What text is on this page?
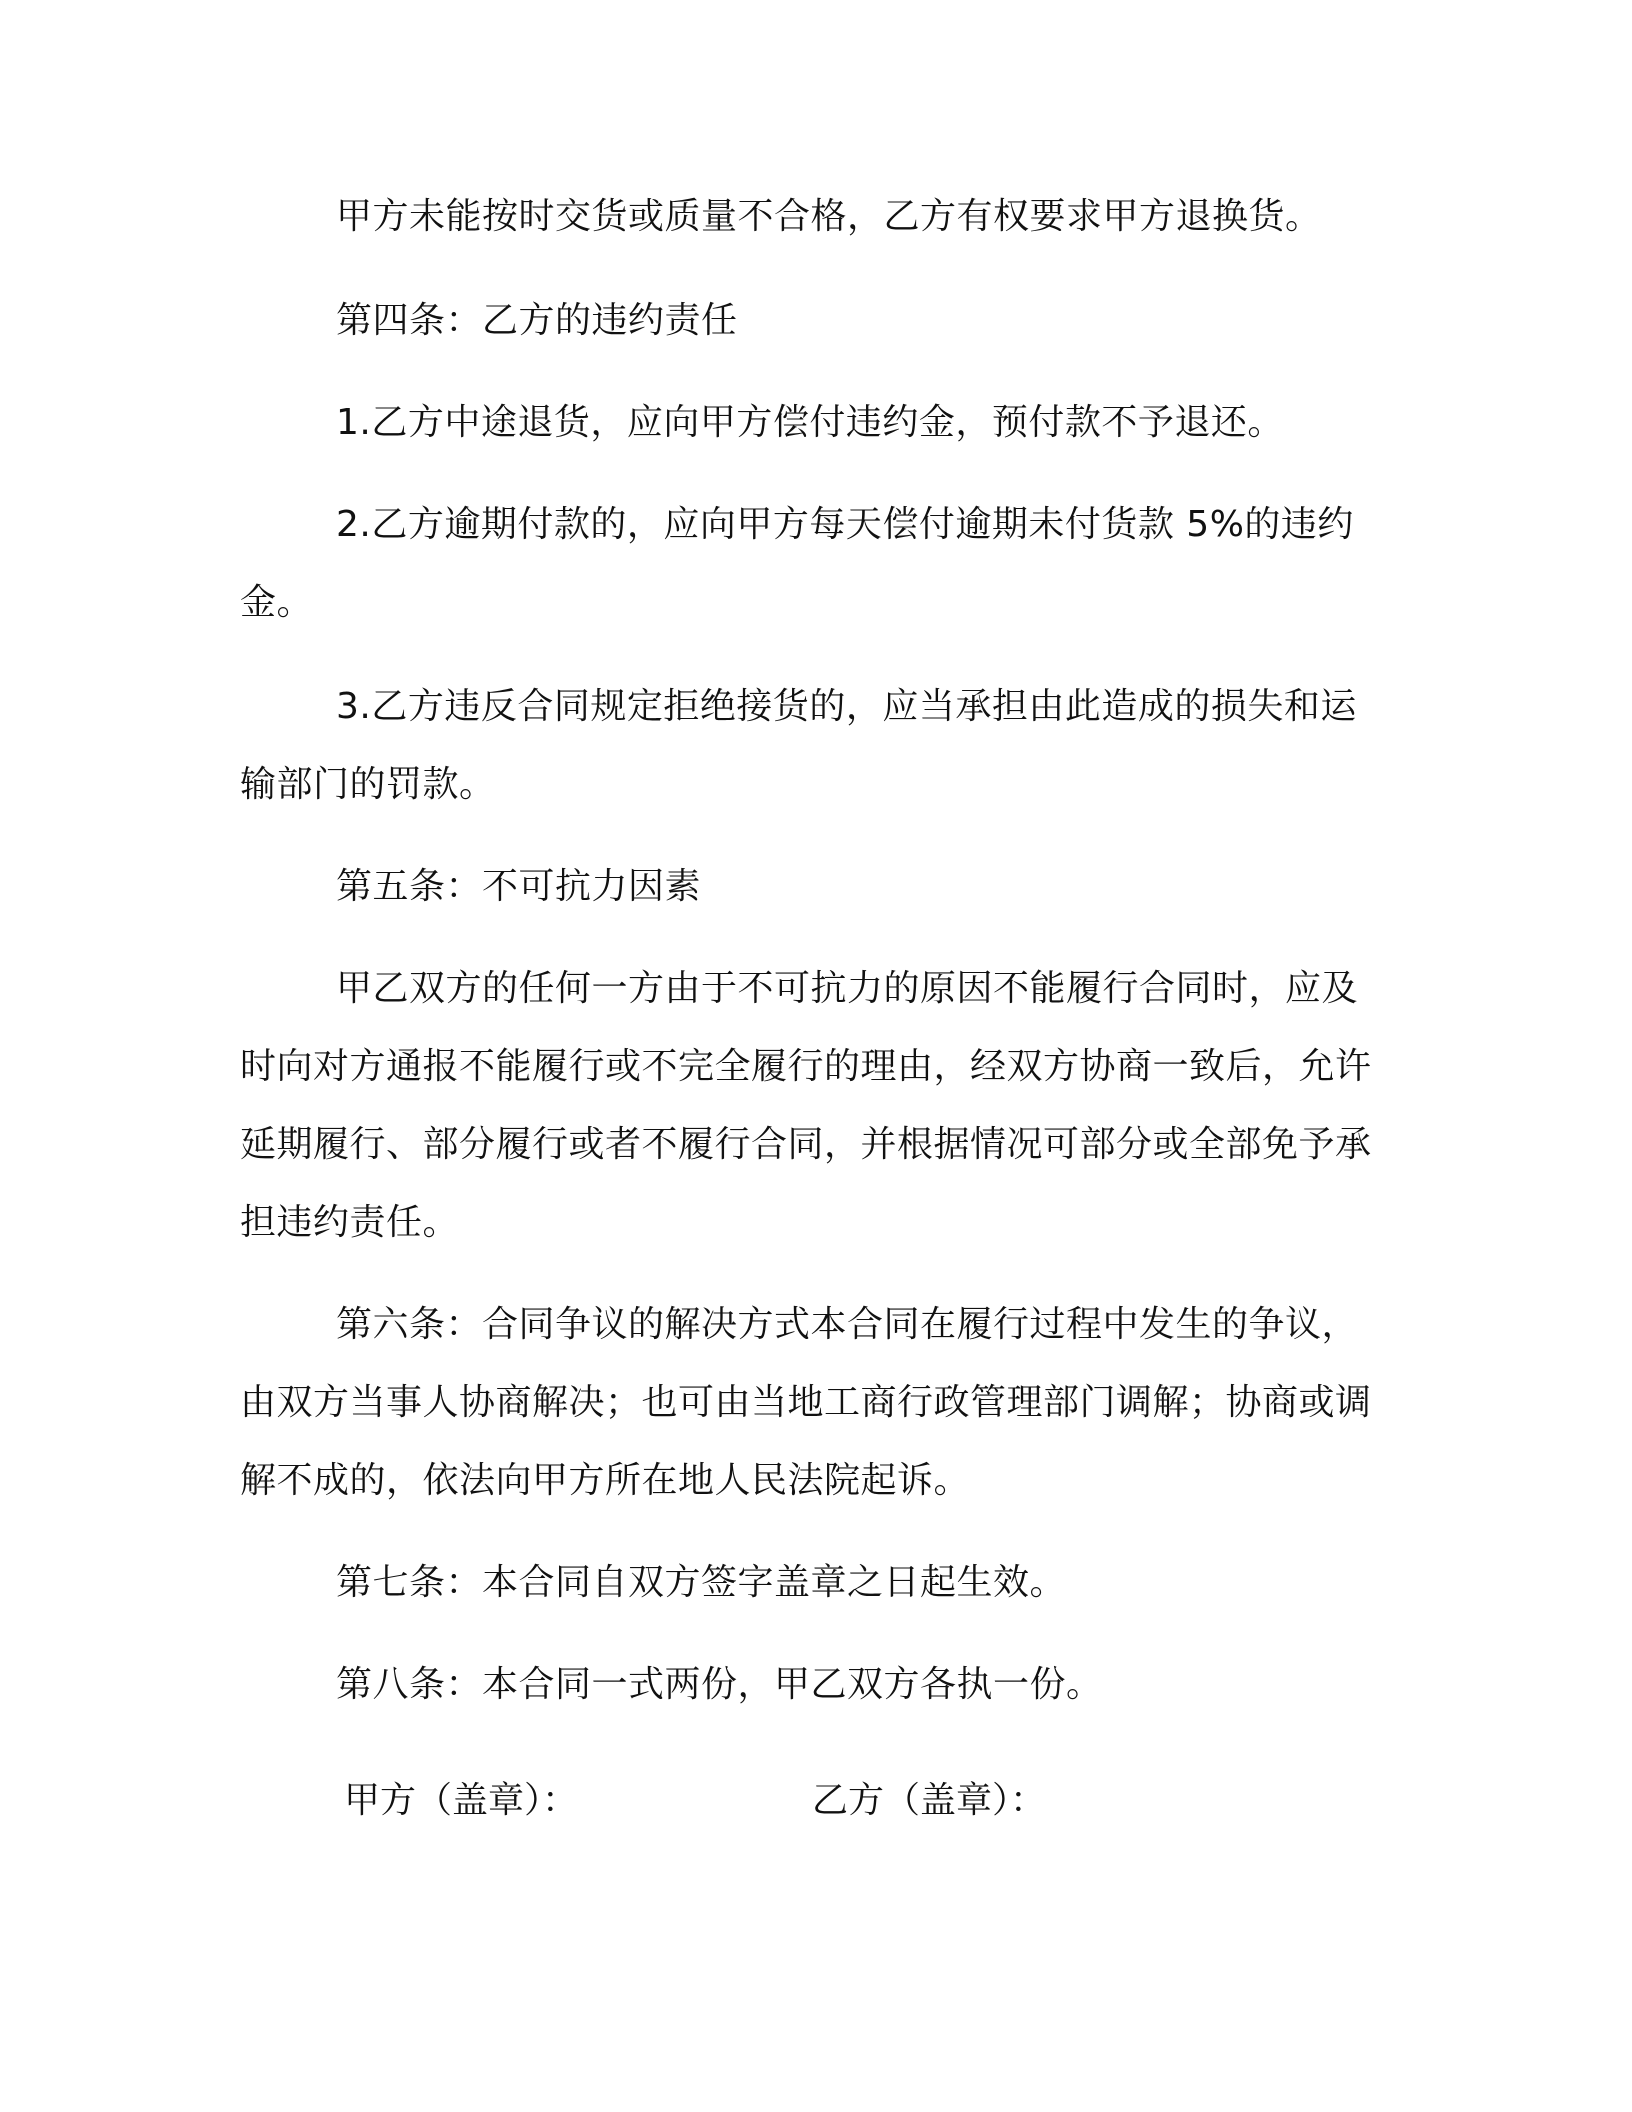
甲方未能按时交货或质量不合格，乙方有权要求甲方退换货。
第四条：乙方的违约责任
1.乙方中途退货，应向甲方偿付违约金，预付款不予退还。
2.乙方逾期付款的，应向甲方每天偿付逾期未付货款 5%的违约金。
3.乙方违反合同规定拒绝接货的，应当承担由此造成的损失和运输部门的罚款。
第五条：不可抗力因素
甲乙双方的任何一方由于不可抗力的原因不能履行合同时，应及时向对方通报不能履行或不完全履行的理由，经双方协商一致后，允许延期履行、部分履行或者不履行合同，并根据情况可部分或全部免予承担违约责任。
第六条：合同争议的解决方式本合同在履行过程中发生的争议，由双方当事人协商解决；也可由当地工商行政管理部门调解；协商或调解不成的，依法向甲方所在地人民法院起诉。
第七条：本合同自双方签字盖章之日起生效。
第八条：本合同一式两份，甲乙双方各执一份。
甲方（盖章）：	乙方（盖章）：
